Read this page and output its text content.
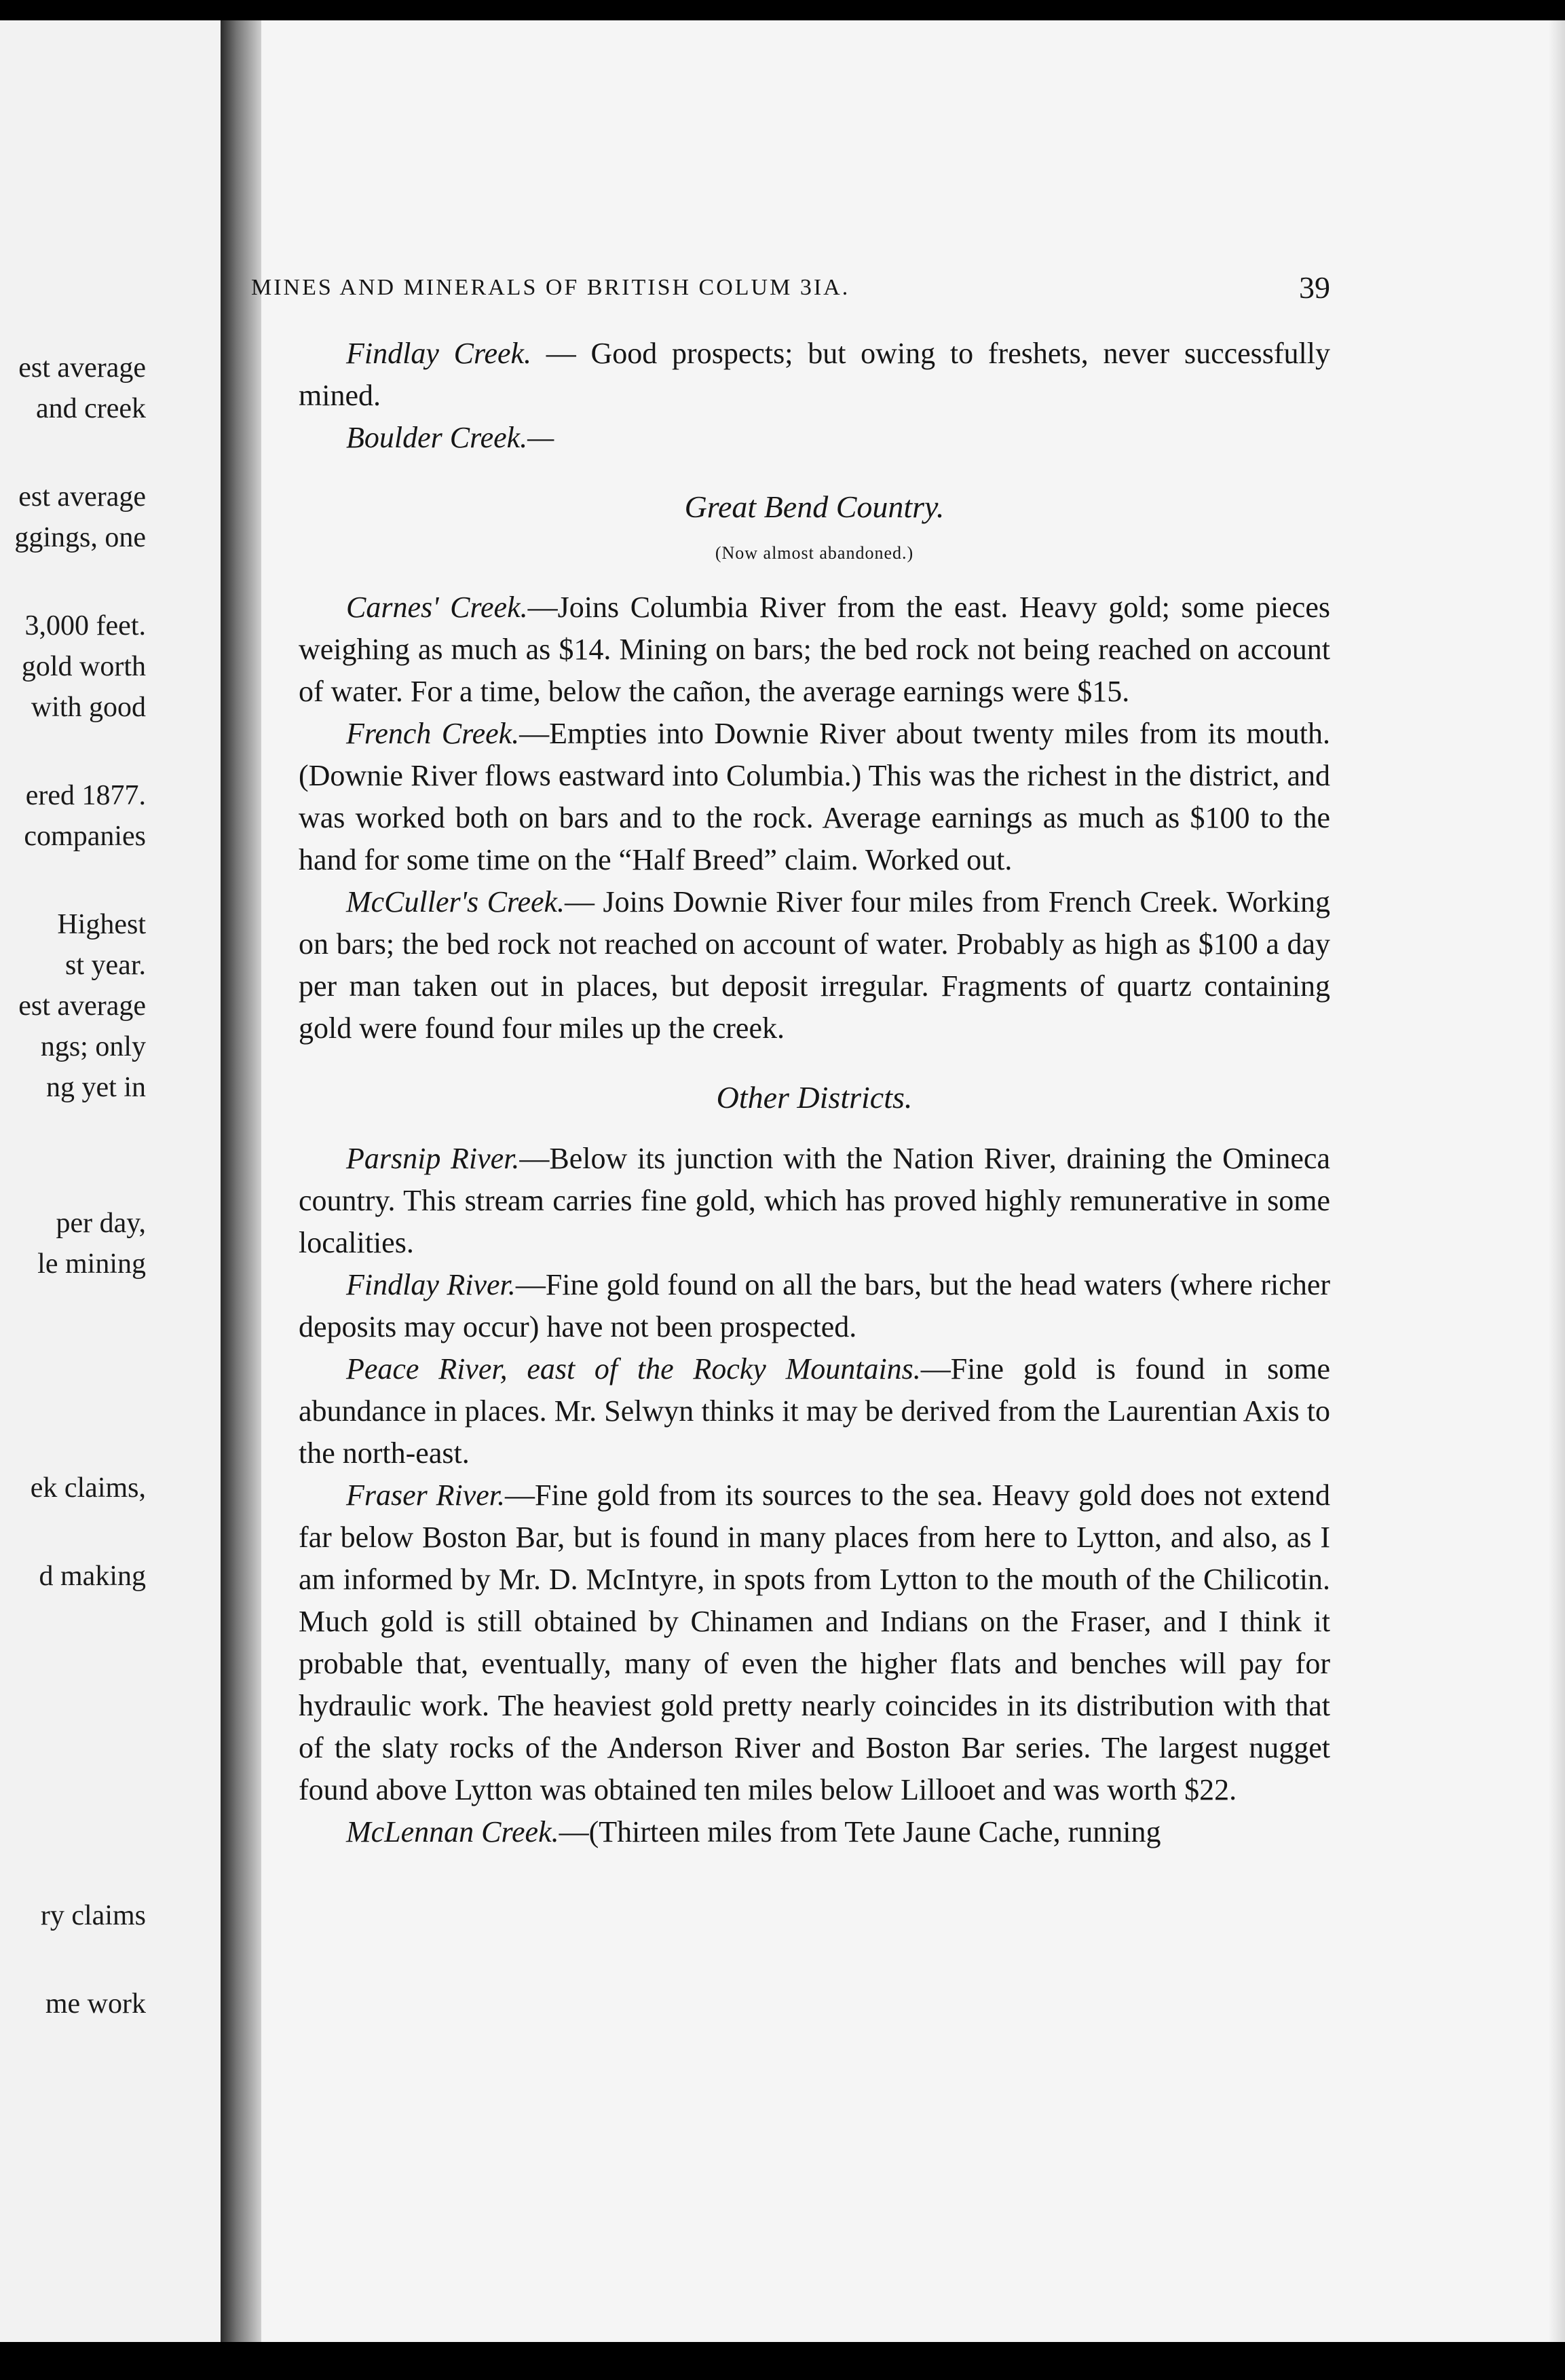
est average
and creek
est average
ggings, one
3,000 feet.
gold worth
with good
ered 1877.
companies
Highest
st year.
est average
ngs; only
ng yet in
per day,
le mining
ek claims,
d making
ry claims
me work
MINES AND MINERALS OF BRITISH COLUM 3IA.	39

Findlay Creek. — Good prospects; but owing to freshets, never successfully mined.

Boulder Creek.—

Great Bend Country.

(Now almost abandoned.)

Carnes' Creek.—Joins Columbia River from the east. Heavy gold; some pieces weighing as much as $14. Mining on bars; the bed rock not being reached on account of water. For a time, below the cañon, the average earnings were $15.

French Creek.—Empties into Downie River about twenty miles from its mouth. (Downie River flows eastward into Columbia.) This was the richest in the district, and was worked both on bars and to the rock. Average earnings as much as $100 to the hand for some time on the “Half Breed” claim. Worked out.

McCuller's Creek.— Joins Downie River four miles from French Creek. Working on bars; the bed rock not reached on account of water. Probably as high as $100 a day per man taken out in places, but deposit irregular. Fragments of quartz containing gold were found four miles up the creek.

Other Districts.

Parsnip River.—Below its junction with the Nation River, draining the Omineca country. This stream carries fine gold, which has proved highly remunerative in some localities.

Findlay River.—Fine gold found on all the bars, but the head waters (where richer deposits may occur) have not been prospected.

Peace River, east of the Rocky Mountains.—Fine gold is found in some abundance in places. Mr. Selwyn thinks it may be derived from the Laurentian Axis to the north-east.

Fraser River.—Fine gold from its sources to the sea. Heavy gold does not extend far below Boston Bar, but is found in many places from here to Lytton, and also, as I am informed by Mr. D. McIntyre, in spots from Lytton to the mouth of the Chilicotin. Much gold is still obtained by Chinamen and Indians on the Fraser, and I think it probable that, eventually, many of even the higher flats and benches will pay for hydraulic work. The heaviest gold pretty nearly coincides in its distribution with that of the slaty rocks of the Anderson River and Boston Bar series. The largest nugget found above Lytton was obtained ten miles below Lillooet and was worth $22.

McLennan Creek.—(Thirteen miles from Tete Jaune Cache, running
